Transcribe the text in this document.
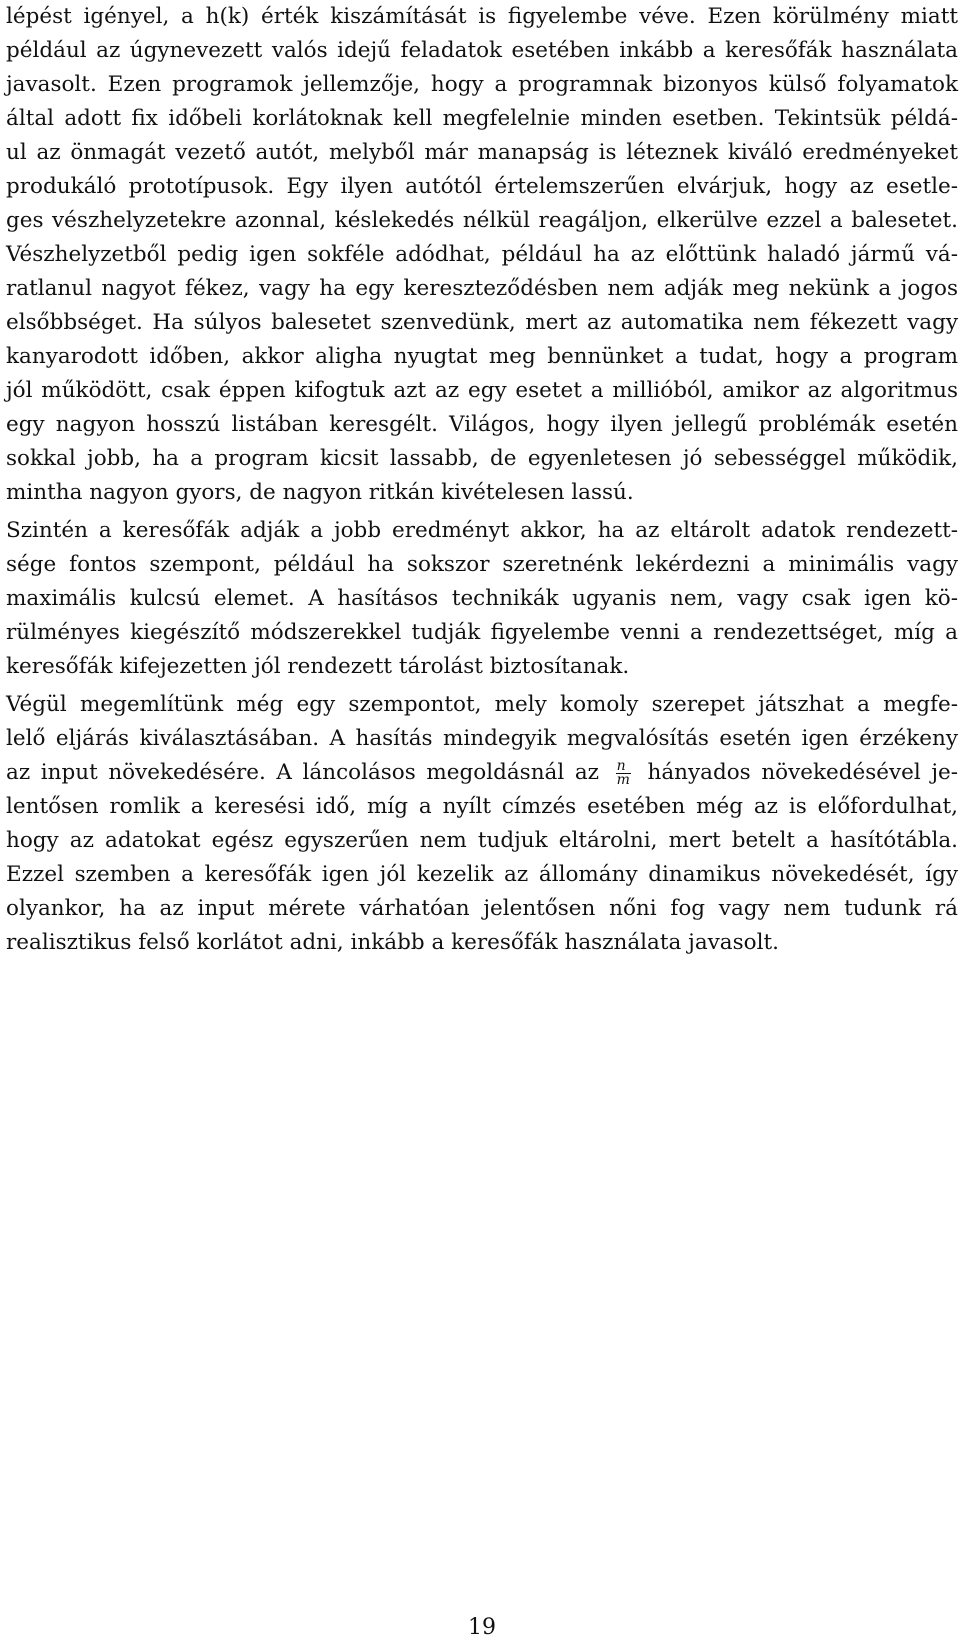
lépést igényel, a h(k) érték kiszámítását is figyelembe véve. Ezen körülmény miatt

például az úgynevezett valós idejű feladatok esetében inkább a keresőfák használata

javasolt. Ezen programok jellemzője, hogy a programnak bizonyos külső folyamatok

által adott fix időbeli korlátoknak kell megfelelnie minden esetben. Tekintsük példá-

ul az önmagát vezető autót, melyből már manapság is léteznek kiváló eredményeket

produkáló prototípusok. Egy ilyen autótól értelemszerűen elvárjuk, hogy az esetle-

ges vészhelyzetekre azonnal, késlekedés nélkül reagáljon, elkerülve ezzel a balesetet.

Vészhelyzetből pedig igen sokféle adódhat, például ha az előttünk haladó jármű vá-

ratlanul nagyot fékez, vagy ha egy kereszteződésben nem adják meg nekünk a jogos

elsőbbséget. Ha súlyos balesetet szenvedünk, mert az automatika nem fékezett vagy

kanyarodott időben, akkor aligha nyugtat meg bennünket a tudat, hogy a program

jól működött, csak éppen kifogtuk azt az egy esetet a millióból, amikor az algoritmus

egy nagyon hosszú listában keresgélt. Világos, hogy ilyen jellegű problémák esetén

sokkal jobb, ha a program kicsit lassabb, de egyenletesen jó sebességgel működik,

mintha nagyon gyors, de nagyon ritkán kivételesen lassú.

Szintén a keresőfák adják a jobb eredményt akkor, ha az eltárolt adatok rendezett-

sége fontos szempont, például ha sokszor szeretnénk lekérdezni a minimális vagy

maximális kulcsú elemet. A hasításos technikák ugyanis nem, vagy csak igen kö-

rülményes kiegészítő módszerekkel tudják figyelembe venni a rendezettséget, míg a

keresőfák kifejezetten jól rendezett tárolást biztosítanak.

Végül megemlítünk még egy szempontot, mely komoly szerepet játszhat a megfe-

lelő eljárás kiválasztásában. A hasítás mindegyik megvalósítás esetén igen érzékeny

az input növekedésére. A láncolásos megoldásnál az $\frac{n}{m}$ hányados növekedésével je-

lentősen romlik a keresési idő, míg a nyílt címzés esetében még az is előfordulhat,

hogy az adatokat egész egyszerűen nem tudjuk eltárolni, mert betelt a hasítótábla.

Ezzel szemben a keresőfák igen jól kezelik az állomány dinamikus növekedését, így

olyankor, ha az input mérete várhatóan jelentősen nőni fog vagy nem tudunk rá

realisztikus felső korlátot adni, inkább a keresőfák használata javasolt.

19
